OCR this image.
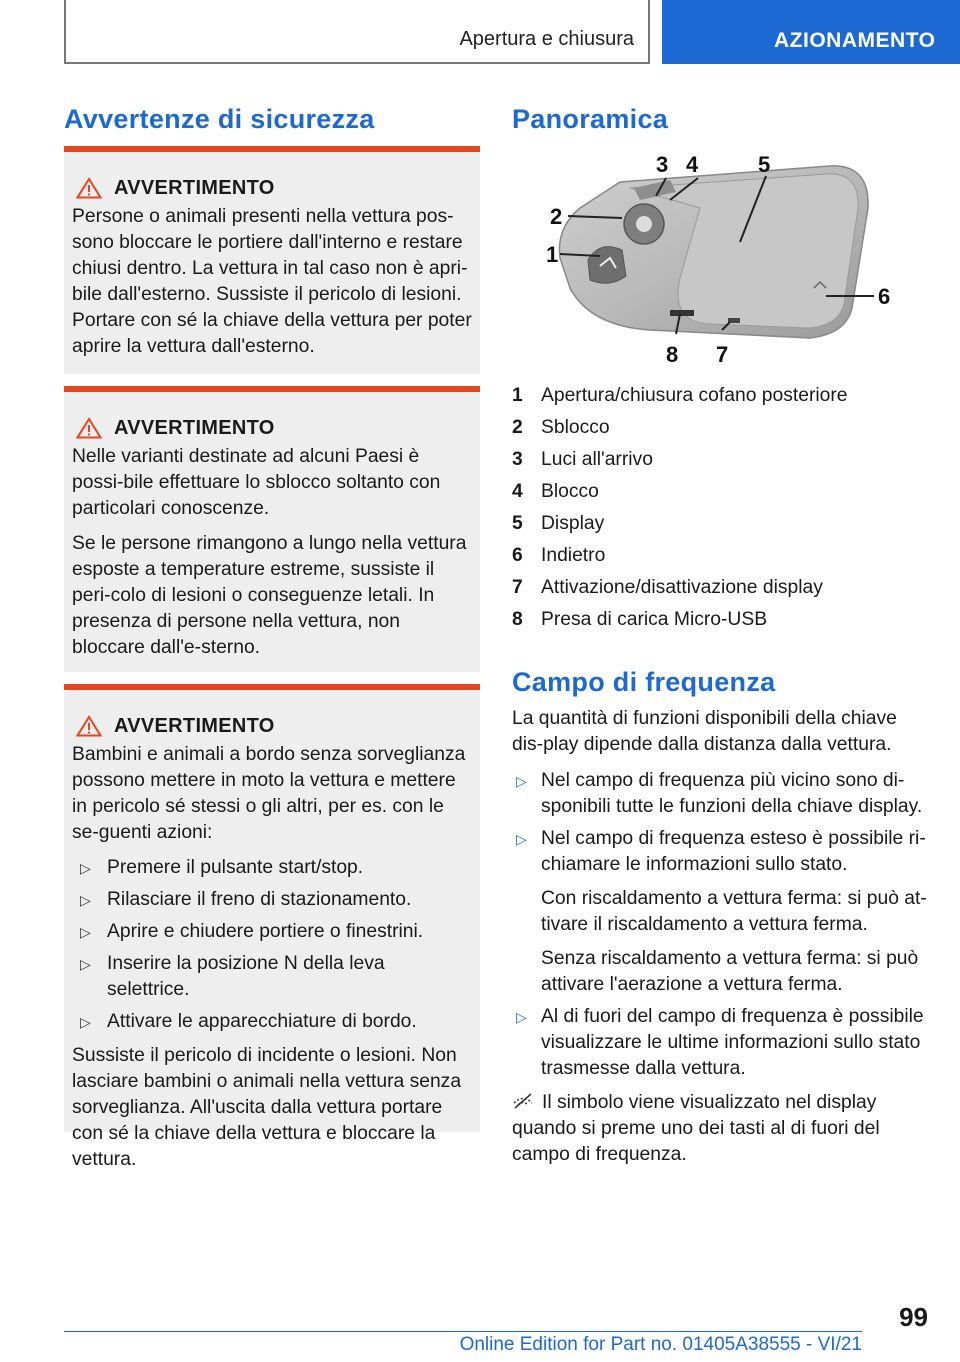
Apertura e chiusura	AZIONAMENTO
Avvertenze di sicurezza
AVVERTIMENTO

Persone o animali presenti nella vettura pos-sono bloccare le portiere dall'interno e restare chiusi dentro. La vettura in tal caso non è apri-bile dall'esterno. Sussiste il pericolo di lesioni. Portare con sé la chiave della vettura per poter aprire la vettura dall'esterno.

AVVERTIMENTO

Nelle varianti destinate ad alcuni Paesi è possi-bile effettuare lo sblocco soltanto con particolari conoscenze.

Se le persone rimangono a lungo nella vettura esposte a temperature estreme, sussiste il peri-colo di lesioni o conseguenze letali. In presenza di persone nella vettura, non bloccare dall'e-sterno.

AVVERTIMENTO

Bambini e animali a bordo senza sorveglianza possono mettere in moto la vettura e mettere in pericolo sé stessi o gli altri, per es. con le se-guenti azioni:

▷ Premere il pulsante start/stop.
▷ Rilasciare il freno di stazionamento.
▷ Aprire e chiudere portiere o finestrini.
▷ Inserire la posizione N della leva selettrice.
▷ Attivare le apparecchiature di bordo.

Sussiste il pericolo di incidente o lesioni. Non lasciare bambini o animali nella vettura senza sorveglianza. All'uscita dalla vettura portare con sé la chiave della vettura e bloccare la vettura.

Panoramica
1
2
3 4	5
6
7
8
1 Apertura/chiusura cofano posteriore
2 Sblocco
3 Luci all'arrivo
4 Blocco
5 Display
6 Indietro
7 Attivazione/disattivazione display
8 Presa di carica Micro-USB
Campo di frequenza

La quantità di funzioni disponibili della chiave dis-play dipende dalla distanza dalla vettura.

▷ Nel campo di frequenza più vicino sono di-sponibili tutte le funzioni della chiave display.
▷ Nel campo di frequenza esteso è possibile ri-chiamare le informazioni sullo stato.

Con riscaldamento a vettura ferma: si può at-tivare il riscaldamento a vettura ferma.

Senza riscaldamento a vettura ferma: si può attivare l'aerazione a vettura ferma.

▷ Al di fuori del campo di frequenza è possibile visualizzare le ultime informazioni sullo stato trasmesse dalla vettura.

Il simbolo viene visualizzato nel display quando si preme uno dei tasti al di fuori del campo di frequenza.

99
Online Edition for Part no. 01405A38555 - VI/21
